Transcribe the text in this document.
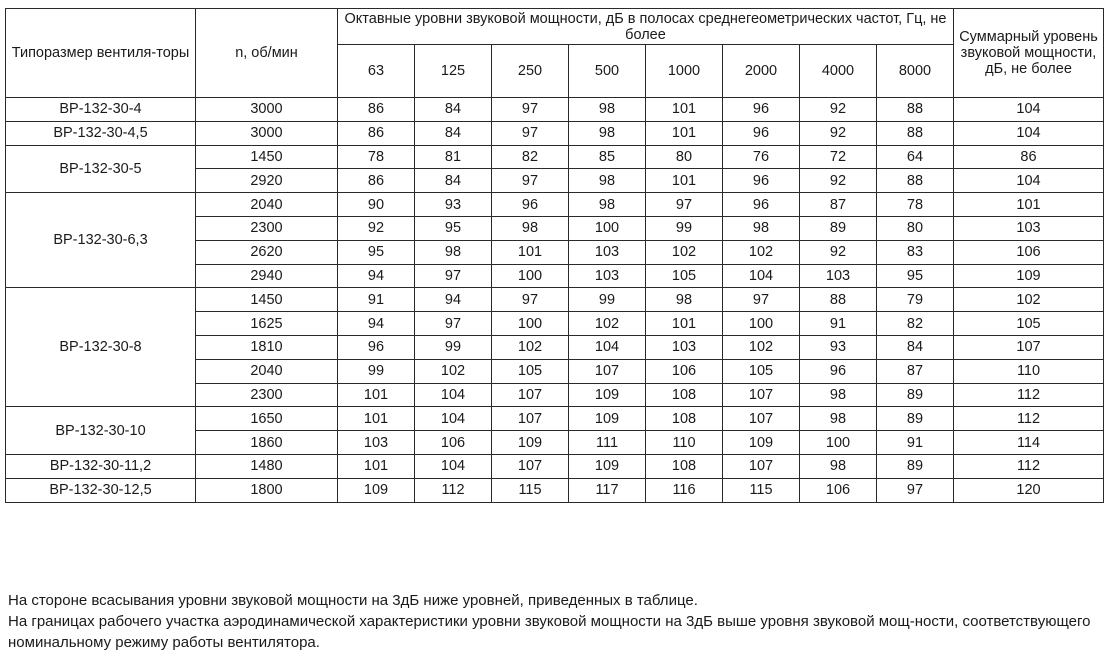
Типоразмер вентиля-торы	n, об/мин	Октавные уровни звуковой мощности, дБ в полосах среднегеометрических частот, Гц, не более								Суммарный уровень звуковой мощности, дБ, не более
		63	125	250	500	1000	2000	4000	8000	
ВР-132-30-4	3000	86	84	97	98	101	96	92	88	104
ВР-132-30-4,5	3000	86	84	97	98	101	96	92	88	104
ВР-132-30-5	1450	78	81	82	85	80	76	72	64	86
	2920	86	84	97	98	101	96	92	88	104
ВР-132-30-6,3	2040	90	93	96	98	97	96	87	78	101
	2300	92	95	98	100	99	98	89	80	103
	2620	95	98	101	103	102	102	92	83	106
	2940	94	97	100	103	105	104	103	95	109
ВР-132-30-8	1450	91	94	97	99	98	97	88	79	102
	1625	94	97	100	102	101	100	91	82	105
	1810	96	99	102	104	103	102	93	84	107
	2040	99	102	105	107	106	105	96	87	110
	2300	101	104	107	109	108	107	98	89	112
ВР-132-30-10	1650	101	104	107	109	108	107	98	89	112
	1860	103	106	109	111	110	109	100	91	114
ВР-132-30-11,2	1480	101	104	107	109	108	107	98	89	112
ВР-132-30-12,5	1800	109	112	115	117	116	115	106	97	120

На стороне всасывания уровни звуковой мощности на 3дБ ниже уровней, приведенных в таблице.

На границах рабочего участка аэродинамической характеристики уровни звуковой мощности на 3дБ выше уровня звуковой мощ-ности, соответствующего номинальному режиму работы вентилятора.
